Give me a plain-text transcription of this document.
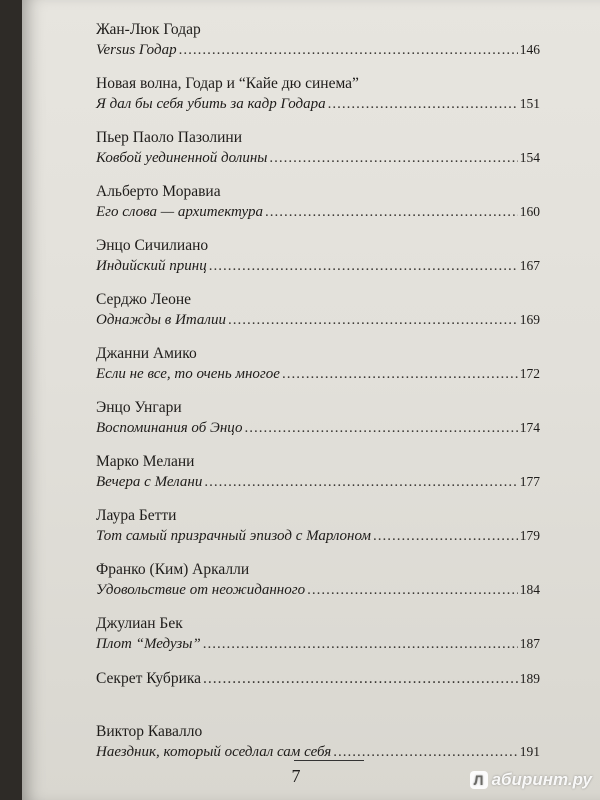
Жан-Люк Годар
Versus Годар .....	146
Новая волна, Годар и “Кайе дю синема”
Я дал бы себя убить за кадр Годара .....	151
Пьер Паоло Пазолини
Ковбой уединенной долины .....	154
Альберто Моравиа
Его слова — архитектура .....	160
Энцо Сичилиано
Индийский принц .....	167
Серджо Леоне
Однажды в Италии .....	169
Джанни Амико
Если не все, то очень многое .....	172
Энцо Унгари
Воспоминания об Энцо .....	174
Марко Мелани
Вечера с Мелани .....	177
Лаура Бетти
Тот самый призрачный эпизод с Марлоном .....	179
Франко (Ким) Аркалли
Удовольствие от неожиданного .....	184
Джулиан Бек
Плот “Медузы” .....	187
Секрет Кубрика .....	189
Виктор Кавалло
Наездник, который оседлал сам себя .....	191
7	Л абиринт.ру
